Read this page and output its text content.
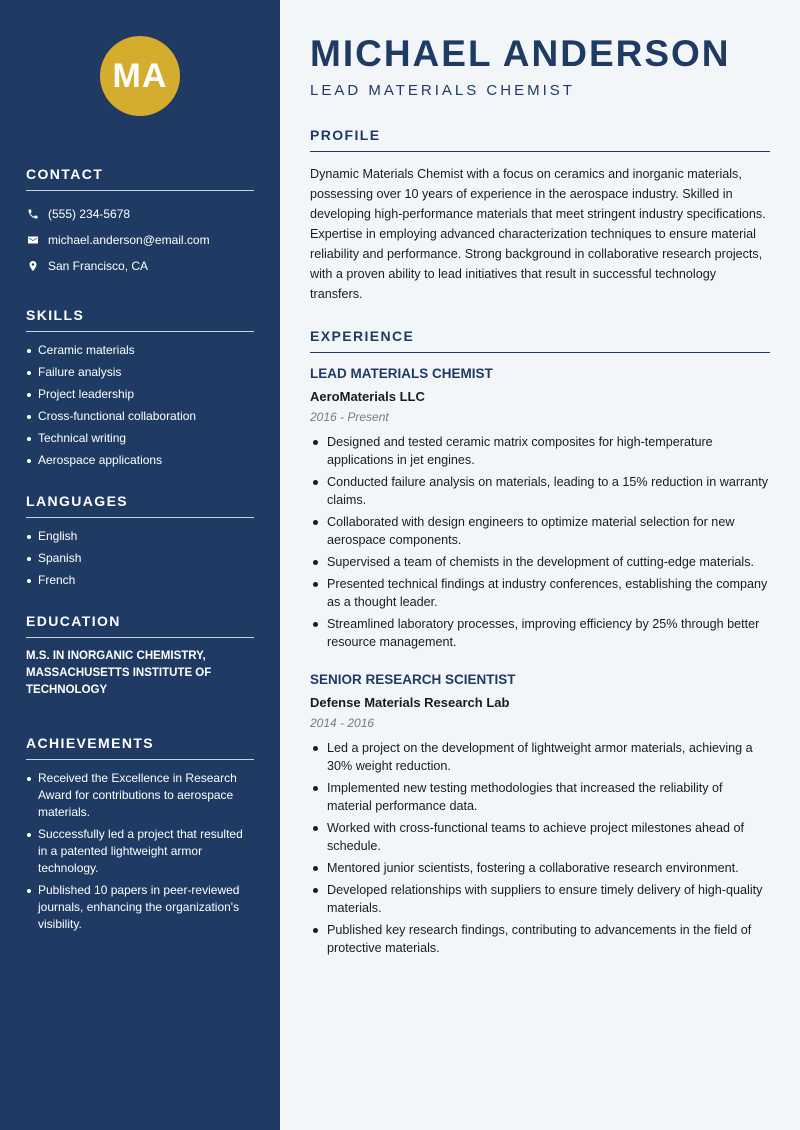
MA
CONTACT
(555) 234-5678
michael.anderson@email.com
San Francisco, CA
SKILLS
Ceramic materials
Failure analysis
Project leadership
Cross-functional collaboration
Technical writing
Aerospace applications
LANGUAGES
English
Spanish
French
EDUCATION

M.S. IN INORGANIC CHEMISTRY, MASSACHUSETTS INSTITUTE OF TECHNOLOGY

ACHIEVEMENTS
Received the Excellence in Research Award for contributions to aerospace materials.
Successfully led a project that resulted in a patented lightweight armor technology.
Published 10 papers in peer-reviewed journals, enhancing the organization's visibility.
MICHAEL ANDERSON
LEAD MATERIALS CHEMIST
PROFILE

Dynamic Materials Chemist with a focus on ceramics and inorganic materials, possessing over 10 years of experience in the aerospace industry. Skilled in developing high-performance materials that meet stringent industry specifications. Expertise in employing advanced characterization techniques to ensure material reliability and performance. Strong background in collaborative research projects, with a proven ability to lead initiatives that result in successful technology transfers.

EXPERIENCE
LEAD MATERIALS CHEMIST
AeroMaterials LLC
2016 - Present
Designed and tested ceramic matrix composites for high-temperature applications in jet engines.
Conducted failure analysis on materials, leading to a 15% reduction in warranty claims.
Collaborated with design engineers to optimize material selection for new aerospace components.
Supervised a team of chemists in the development of cutting-edge materials.
Presented technical findings at industry conferences, establishing the company as a thought leader.
Streamlined laboratory processes, improving efficiency by 25% through better resource management.
SENIOR RESEARCH SCIENTIST
Defense Materials Research Lab
2014 - 2016
Led a project on the development of lightweight armor materials, achieving a 30% weight reduction.
Implemented new testing methodologies that increased the reliability of material performance data.
Worked with cross-functional teams to achieve project milestones ahead of schedule.
Mentored junior scientists, fostering a collaborative research environment.
Developed relationships with suppliers to ensure timely delivery of high-quality materials.
Published key research findings, contributing to advancements in the field of protective materials.
